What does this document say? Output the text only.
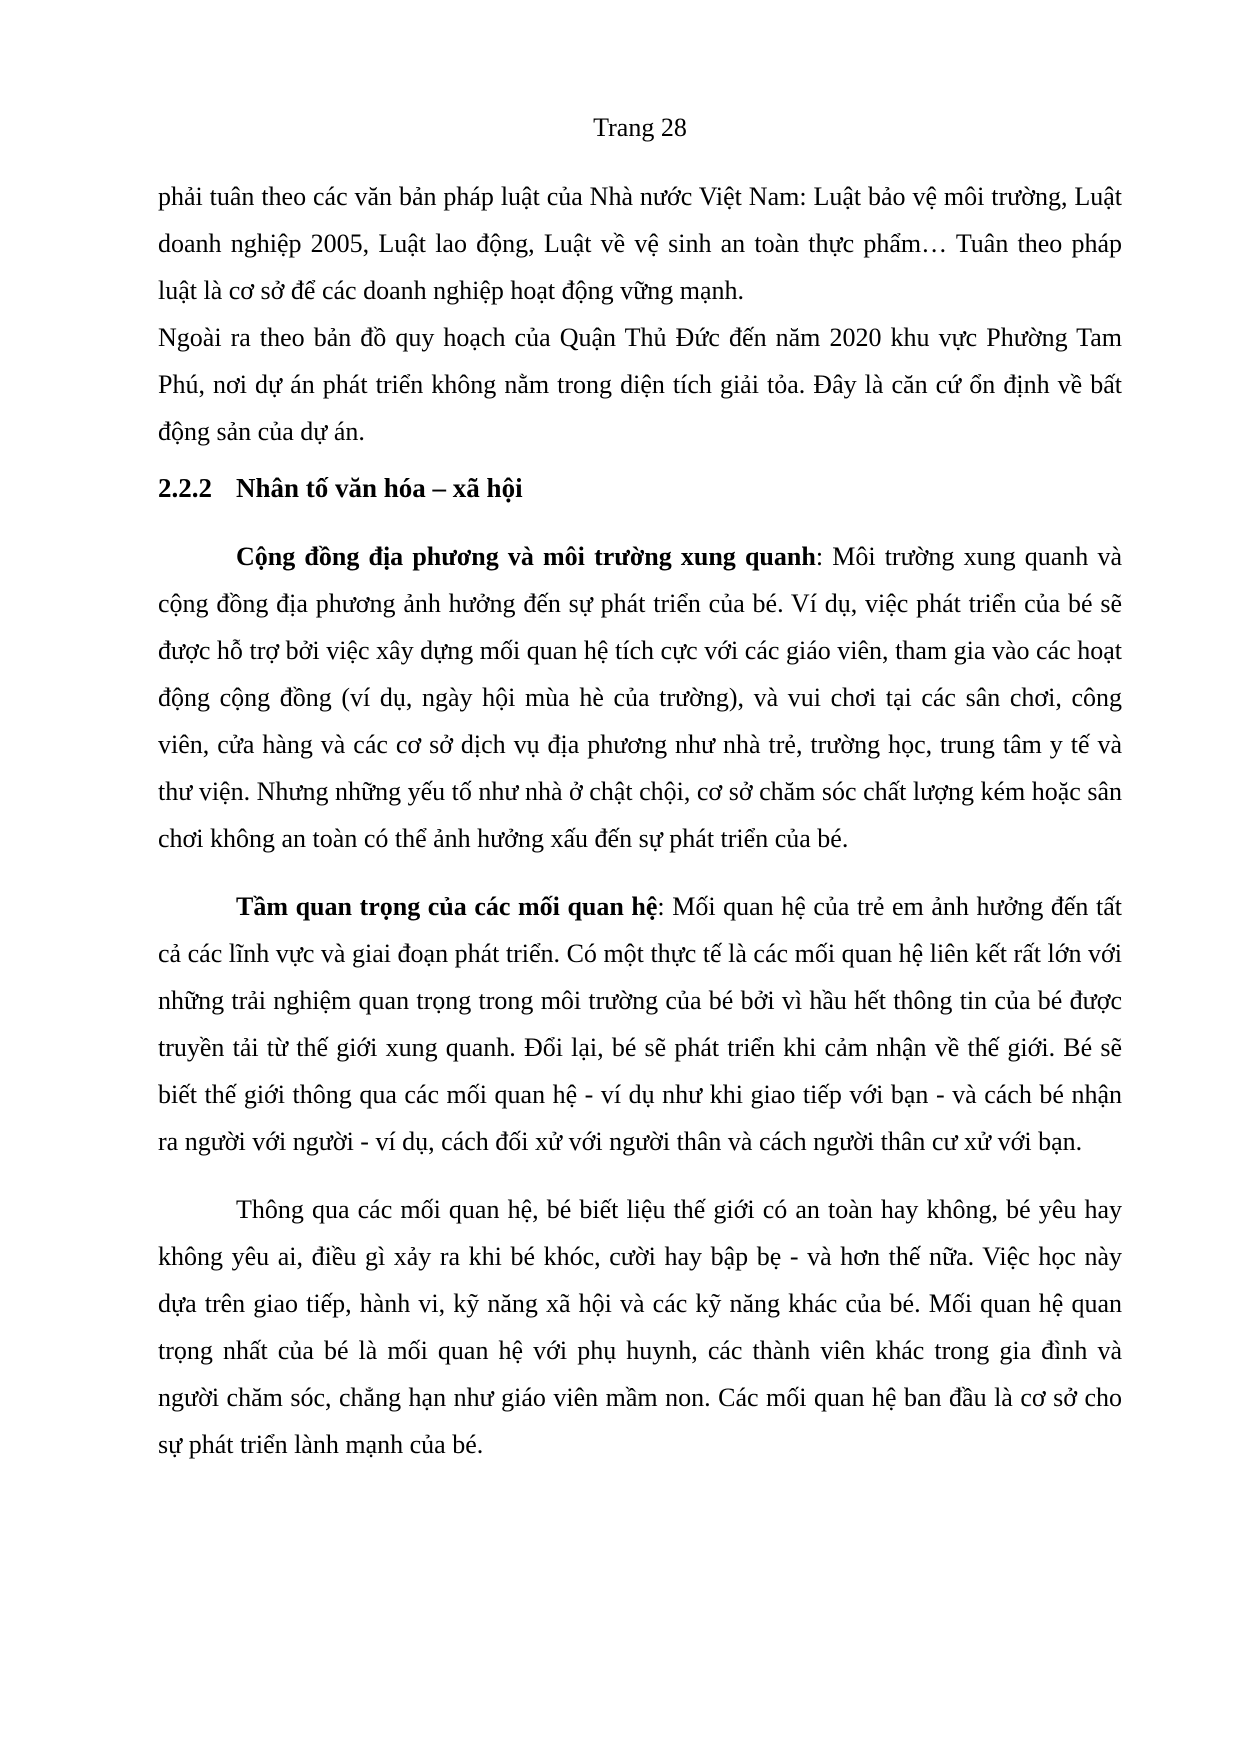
Trang 28

phải tuân theo các văn bản pháp luật của Nhà nước Việt Nam: Luật bảo vệ môi trường, Luật doanh nghiệp 2005, Luật lao động, Luật về vệ sinh an toàn thực phẩm… Tuân theo pháp luật là cơ sở để các doanh nghiệp hoạt động vững mạnh.

Ngoài ra theo bản đồ quy hoạch của Quận Thủ Đức đến năm 2020 khu vực Phường Tam Phú, nơi dự án phát triển không nằm trong diện tích giải tỏa. Đây là căn cứ ổn định về bất động sản của dự án.

2.2.2 Nhân tố văn hóa – xã hội

Cộng đồng địa phương và môi trường xung quanh: Môi trường xung quanh và cộng đồng địa phương ảnh hưởng đến sự phát triển của bé. Ví dụ, việc phát triển của bé sẽ được hỗ trợ bởi việc xây dựng mối quan hệ tích cực với các giáo viên, tham gia vào các hoạt động cộng đồng (ví dụ, ngày hội mùa hè của trường), và vui chơi tại các sân chơi, công viên, cửa hàng và các cơ sở dịch vụ địa phương như nhà trẻ, trường học, trung tâm y tế và thư viện. Nhưng những yếu tố như nhà ở chật chội, cơ sở chăm sóc chất lượng kém hoặc sân chơi không an toàn có thể ảnh hưởng xấu đến sự phát triển của bé.

Tầm quan trọng của các mối quan hệ: Mối quan hệ của trẻ em ảnh hưởng đến tất cả các lĩnh vực và giai đoạn phát triển. Có một thực tế là các mối quan hệ liên kết rất lớn với những trải nghiệm quan trọng trong môi trường của bé bởi vì hầu hết thông tin của bé được truyền tải từ thế giới xung quanh. Đổi lại, bé sẽ phát triển khi cảm nhận về thế giới. Bé sẽ biết thế giới thông qua các mối quan hệ - ví dụ như khi giao tiếp với bạn - và cách bé nhận ra người với người - ví dụ, cách đối xử với người thân và cách người thân cư xử với bạn.

Thông qua các mối quan hệ, bé biết liệu thế giới có an toàn hay không, bé yêu hay không yêu ai, điều gì xảy ra khi bé khóc, cười hay bập bẹ - và hơn thế nữa. Việc học này dựa trên giao tiếp, hành vi, kỹ năng xã hội và các kỹ năng khác của bé. Mối quan hệ quan trọng nhất của bé là mối quan hệ với phụ huynh, các thành viên khác trong gia đình và người chăm sóc, chẳng hạn như giáo viên mầm non. Các mối quan hệ ban đầu là cơ sở cho sự phát triển lành mạnh của bé.
